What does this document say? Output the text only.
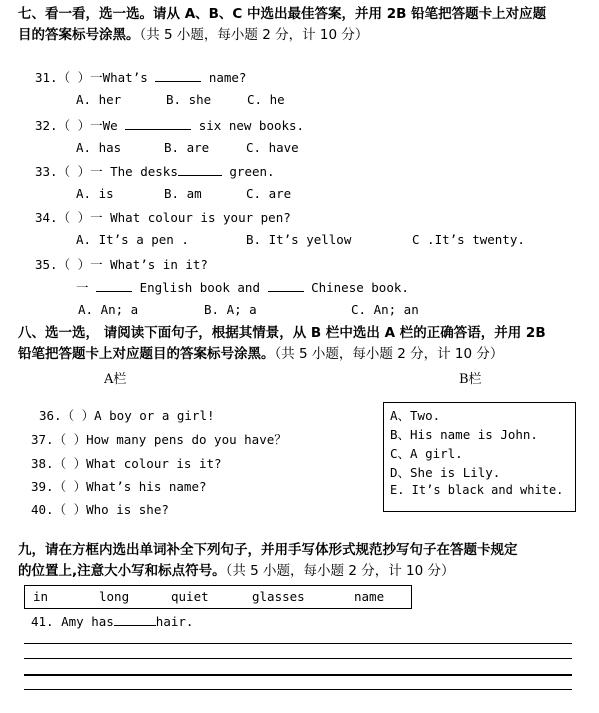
七、看一看，选一选。请从 A、B、C 中选出最佳答案，并用 2B 铅笔把答题卡上对应题
目的答案标号涂黑。（共 5 小题，每小题 2 分，计 10 分）
31.（ ）一What’s	name?
A. her	B. she	C. he
32.（ ）一We	six new books.
A. has	B. are	C. have
33.（ ）一 The desks	green.
A. is	B. am	C. are
34.（ ）一 What colour is your pen?
A. It’s a pen .	B. It’s yellow	C .It’s twenty.
35.（ ）一 What’s in it?
一	English book and	Chinese book.
A. An; a	B. A; a	C. An; an
八、选一选， 请阅读下面句子，根据其情景，从 B 栏中选出 A 栏的正确答语，并用 2B
铅笔把答题卡上对应题目的答案标号涂黑。（共 5 小题，每小题 2 分，计 10 分）
A栏	B栏
36.（ ）A boy or a girl!
37.（ ）How many pens do you have？
38.（ ）What colour is it?
39.（ ）What’s his name?
40.（ ）Who is she?
A、Two.
B、His name is John.
C、A girl.
D、She is Lily.
E. It’s black and white.
九，请在方框内选出单词补全下列句子，并用手写体形式规范抄写句子在答题卡规定
的位置上,注意大小写和标点符号。（共 5 小题，每小题 2 分，计 10 分）
in	long	quiet	glasses	name
41. Amy has	hair.
